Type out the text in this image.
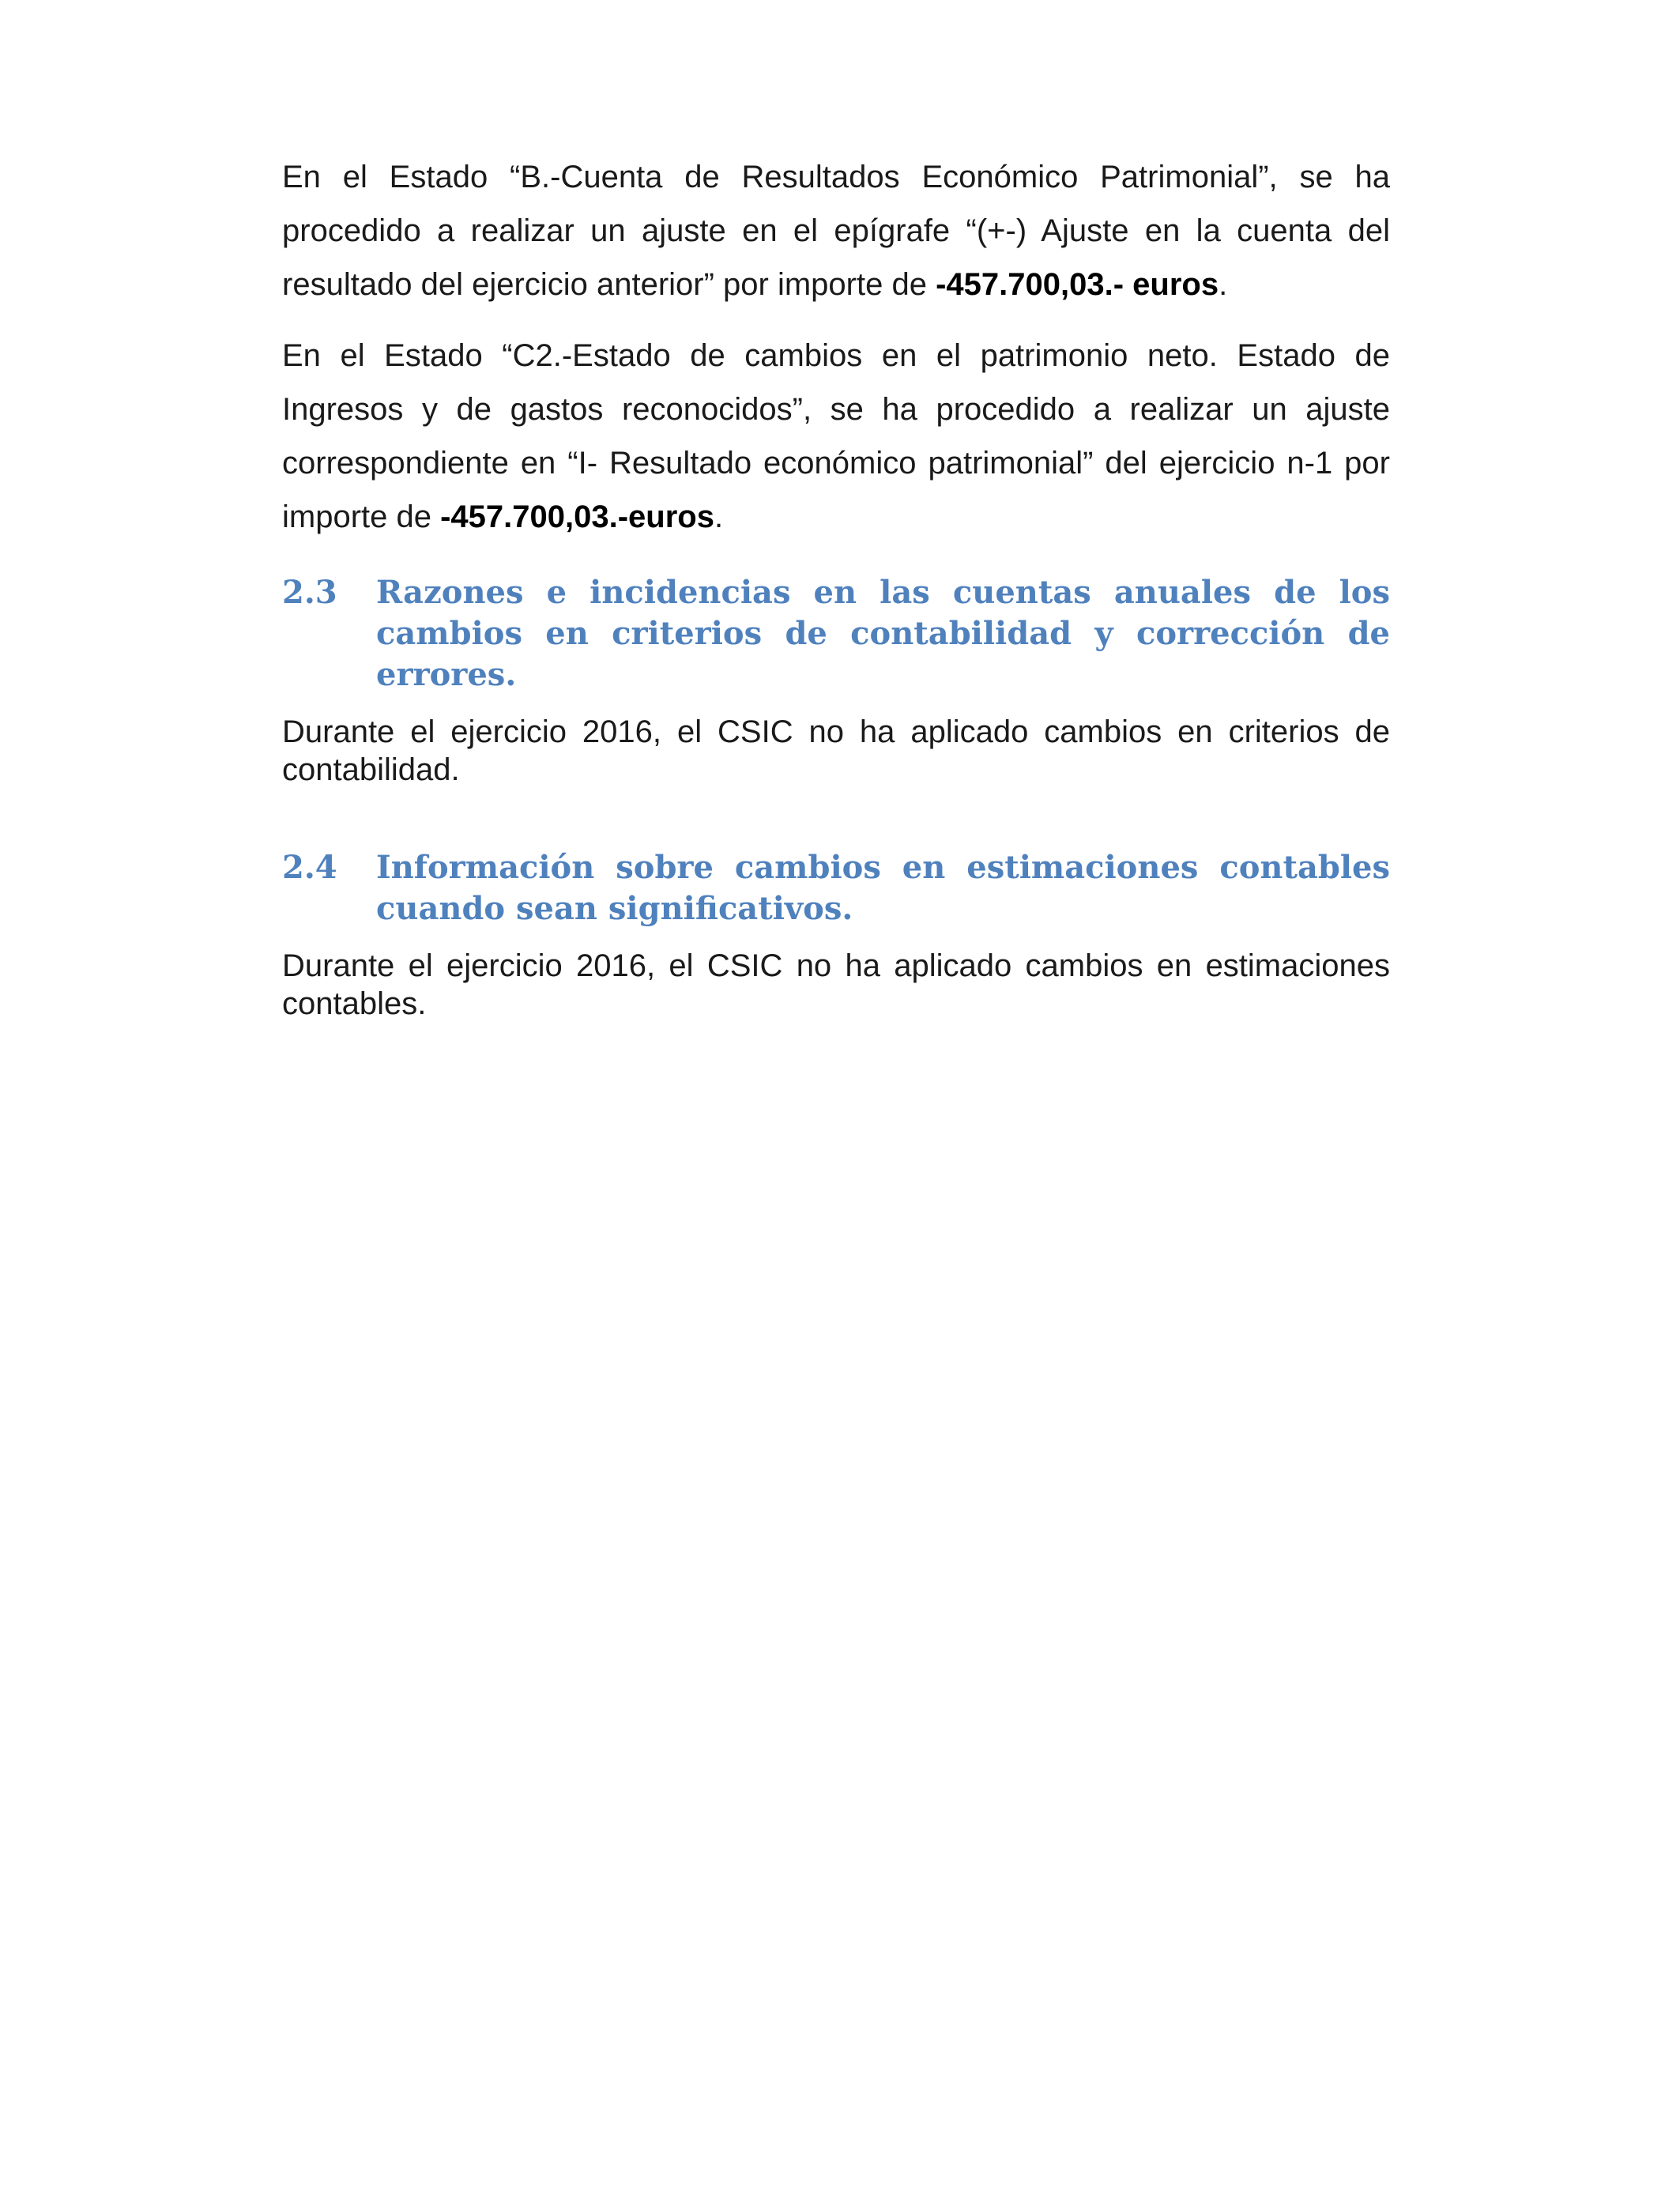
En el Estado “B.-Cuenta de Resultados Económico Patrimonial”, se ha procedido a realizar un ajuste en el epígrafe “(+-) Ajuste en la cuenta del resultado del ejercicio anterior” por importe de -457.700,03.- euros.

En el Estado “C2.-Estado de cambios en el patrimonio neto. Estado de Ingresos y de gastos reconocidos”, se ha procedido a realizar un ajuste correspondiente en “I- Resultado económico patrimonial” del ejercicio n-1 por importe de -457.700,03.-euros.

2.3	Razones e incidencias en las cuentas anuales de los cambios en criterios de contabilidad y corrección de errores.

Durante el ejercicio 2016, el CSIC no ha aplicado cambios en criterios de contabilidad.

2.4	Información sobre cambios en estimaciones contables cuando sean significativos.

Durante el ejercicio 2016, el CSIC no ha aplicado cambios en estimaciones contables.
